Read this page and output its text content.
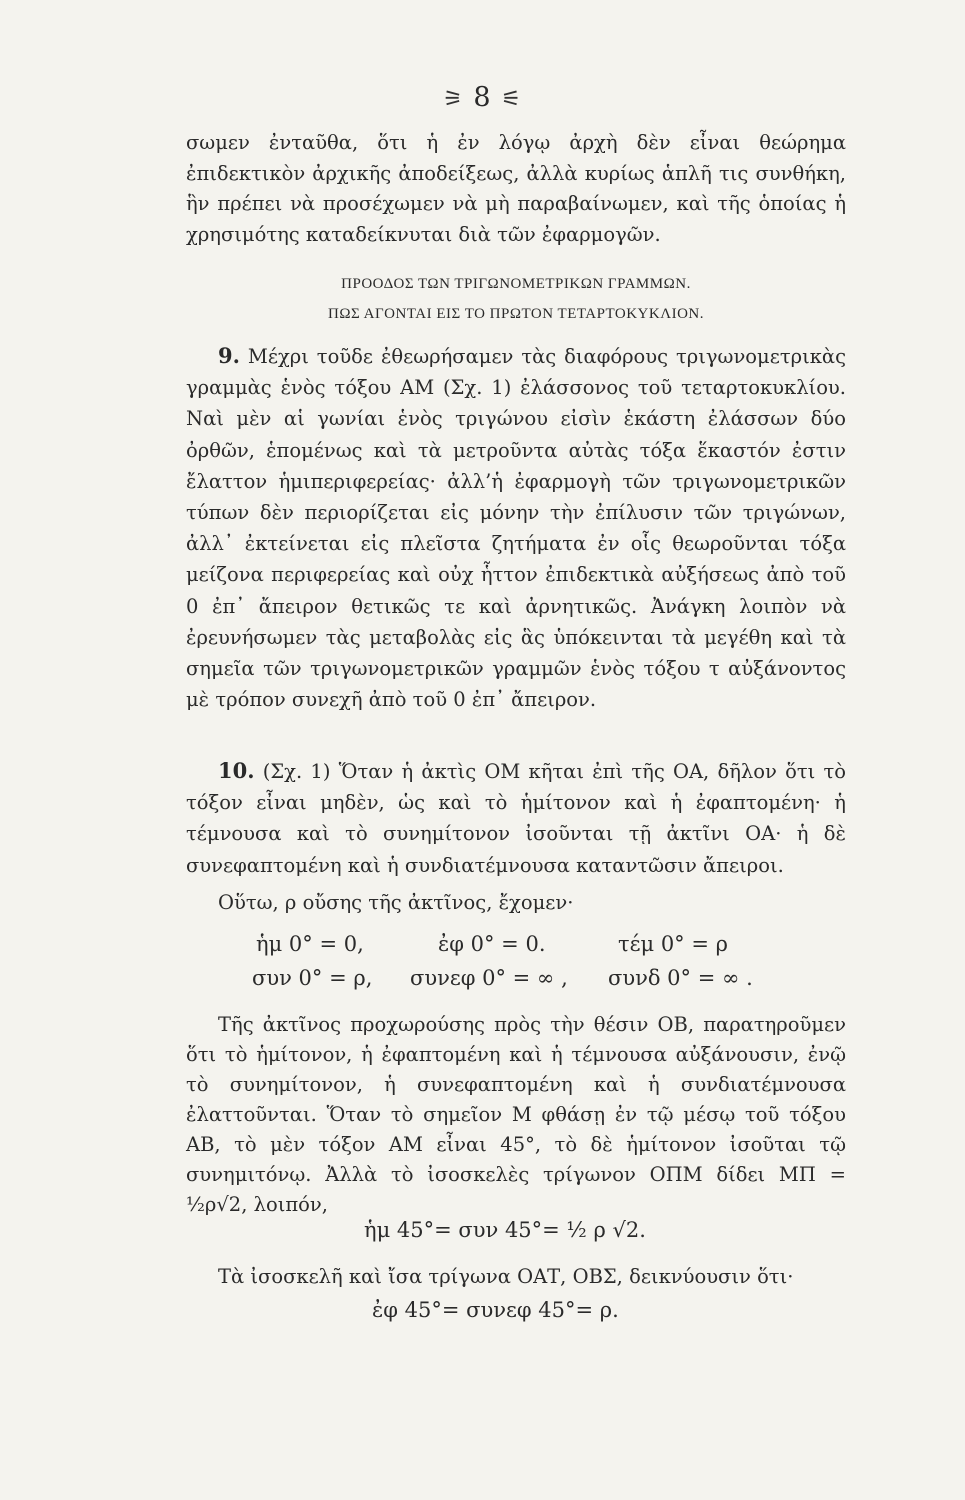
⚞ 8 ⚟
σωμεν ἐνταῦθα, ὅτι ἡ ἐν λόγῳ ἀρχὴ δὲν εἶναι θεώρημα ἐπιδεκτικὸν ἀρχικῆς ἀποδείξεως, ἀλλὰ κυρίως ἁπλῆ τις συνθήκη, ἣν πρέπει νὰ προσέχωμεν νὰ μὴ παραβαίνωμεν, καὶ τῆς ὁποίας ἡ χρησιμότης καταδείκνυται διὰ τῶν ἐφαρμογῶν.
ΠΡΟΟΔΟΣ ΤΩΝ ΤΡΙΓΩΝΟΜΕΤΡΙΚΩΝ ΓΡΑΜΜΩΝ.
ΠΩΣ ΑΓΟΝΤΑΙ ΕΙΣ ΤΟ ΠΡΩΤΟΝ ΤΕΤΑΡΤΟΚΥΚΛΙΟΝ.
9. Μέχρι τοῦδε ἐθεωρήσαμεν τὰς διαφόρους τριγωνομετρικὰς γραμμὰς ἑνὸς τόξου ΑΜ (Σχ. 1) ἐλάσσονος τοῦ τεταρτοκυκλίου. Ναὶ μὲν αἱ γωνίαι ἑνὸς τριγώνου εἰσὶν ἑκάστη ἐλάσσων δύο ὀρθῶν, ἑπομένως καὶ τὰ μετροῦντα αὐτὰς τόξα ἕκαστόν ἐστιν ἔλαττον ἡμιπεριφερείας· ἀλλ’ἡ ἐφαρμογὴ τῶν τριγωνομετρικῶν τύπων δὲν περιορίζεται εἰς μόνην τὴν ἐπίλυσιν τῶν τριγώνων, ἀλλ᾽ ἐκτείνεται εἰς πλεῖστα ζητήματα ἐν οἷς θεωροῦνται τόξα μείζονα περιφερείας καὶ οὐχ ἧττον ἐπιδεκτικὰ αὐξήσεως ἀπὸ τοῦ 0 ἐπ᾽ ἄπειρον θετικῶς τε καὶ ἀρνητικῶς. Ἀνάγκη λοιπὸν νὰ ἐρευνήσωμεν τὰς μεταβολὰς εἰς ἃς ὑπόκεινται τὰ μεγέθη καὶ τὰ σημεῖα τῶν τριγωνομετρικῶν γραμμῶν ἑνὸς τόξου τ αὐξάνοντος μὲ τρόπον συνεχῆ ἀπὸ τοῦ 0 ἐπ᾽ ἄπειρον.
10. (Σχ. 1) Ὅταν ἡ ἀκτὶς ΟΜ κῆται ἐπὶ τῆς ΟΑ, δῆλον ὅτι τὸ τόξον εἶναι μηδὲν, ὡς καὶ τὸ ἡμίτονον καὶ ἡ ἐφαπτομένη· ἡ τέμνουσα καὶ τὸ συνημίτονον ἰσοῦνται τῇ ἀκτῖνι ΟΑ· ἡ δὲ συνεφαπτομένη καὶ ἡ συνδιατέμνουσα καταντῶσιν ἄπειροι.
Οὕτω, ρ οὔσης τῆς ἀκτῖνος, ἔχομεν·
ἡμ 0° = 0,	ἐφ 0° = 0.	τέμ 0° = ρ
συν 0° = ρ, συνεφ 0° = ∞ , συνδ 0° = ∞ .
Τῆς ἀκτῖνος προχωρούσης πρὸς τὴν θέσιν ΟΒ, παρατηροῦμεν ὅτι τὸ ἡμίτονον, ἡ ἐφαπτομένη καὶ ἡ τέμνουσα αὐξάνουσιν, ἐνῷ τὸ συνημίτονον, ἡ συνεφαπτομένη καὶ ἡ συνδιατέμνουσα ἐλαττοῦνται. Ὅταν τὸ σημεῖον Μ φθάσῃ ἐν τῷ μέσῳ τοῦ τόξου ΑΒ, τὸ μὲν τόξον ΑΜ εἶναι 45°, τὸ δὲ ἡμίτονον ἰσοῦται τῷ συνημιτόνῳ. Ἀλλὰ τὸ ἰσοσκελὲς τρίγωνον ΟΠΜ δίδει ΜΠ = ½ρ√2, λοιπόν,
ἡμ 45°= συν 45°= ½ ρ √2.
Τὰ ἰσοσκελῆ καὶ ἴσα τρίγωνα ΟΑΤ, ΟΒΣ, δεικνύουσιν ὅτι·
ἐφ 45°= συνεφ 45°= ρ.
